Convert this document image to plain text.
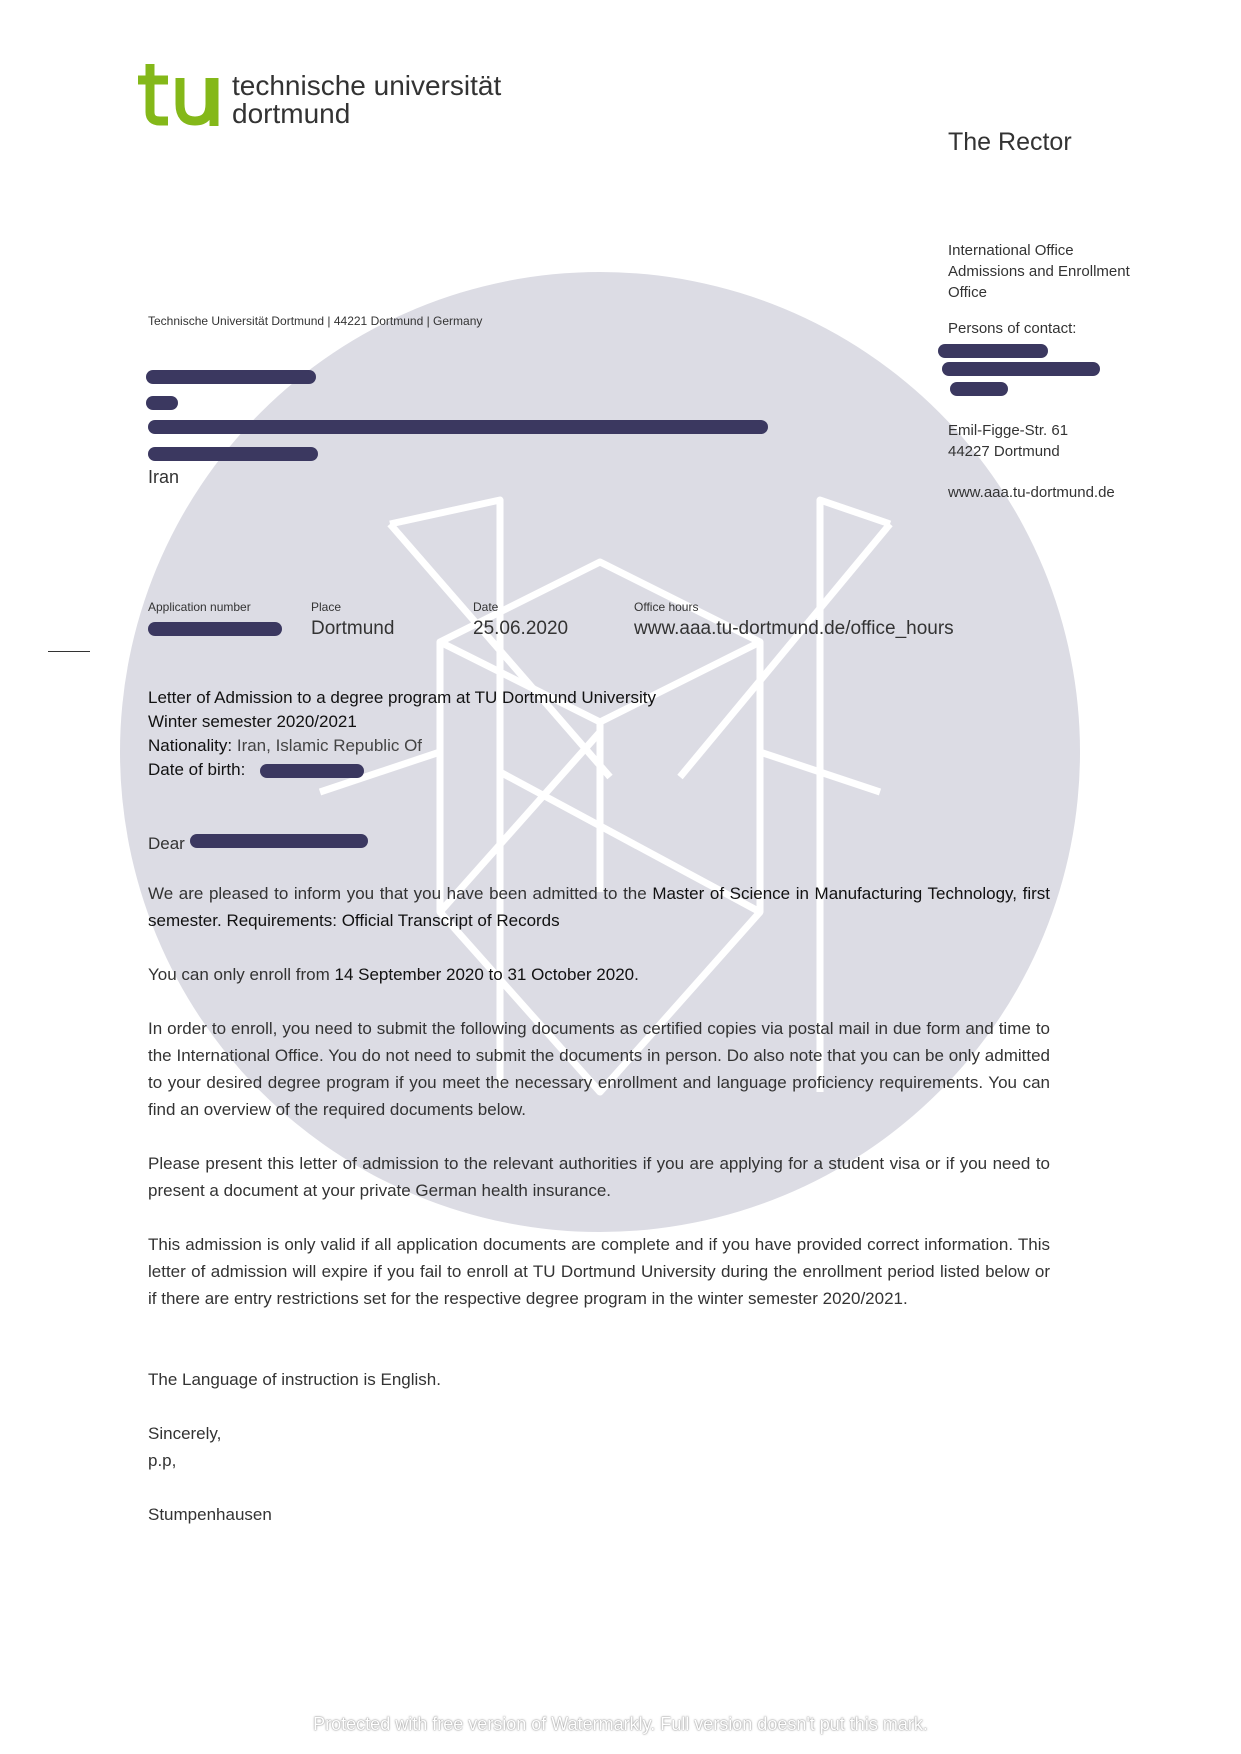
technische universität
dortmund
The Rector
International Office
Admissions and Enrollment
Office
Persons of contact:
Emil-Figge-Str. 61
44227 Dortmund
www.aaa.tu-dortmund.de
Technische Universität Dortmund | 44221 Dortmund | Germany
Iran
Application number	Place
Dortmund
Date
25.06.2020
Office hours
www.aaa.tu-dortmund.de/office_hours
Letter of Admission to a degree program at TU Dortmund University
Winter semester 2020/2021
Nationality: Iran, Islamic Republic Of
Date of birth:
Dear
We are pleased to inform you that you have been admitted to the Master of Science in Manufacturing Technology, first semester. Requirements: Official Transcript of Records
You can only enroll from 14 September 2020 to 31 October 2020.
In order to enroll, you need to submit the following documents as certified copies via postal mail in due form and time to the International Office. You do not need to submit the documents in person. Do also note that you can be only admitted to your desired degree program if you meet the necessary enrollment and language proficiency requirements. You can find an overview of the required documents below.
Please present this letter of admission to the relevant authorities if you are applying for a student visa or if you need to present a document at your private German health insurance.
This admission is only valid if all application documents are complete and if you have provided correct information. This letter of admission will expire if you fail to enroll at TU Dortmund University during the enrollment period listed below or if there are entry restrictions set for the respective degree program in the winter semester 2020/2021.
The Language of instruction is English.
Sincerely,
p.p,
Stumpenhausen
Protected with free version of Watermarkly. Full version doesn't put this mark.
